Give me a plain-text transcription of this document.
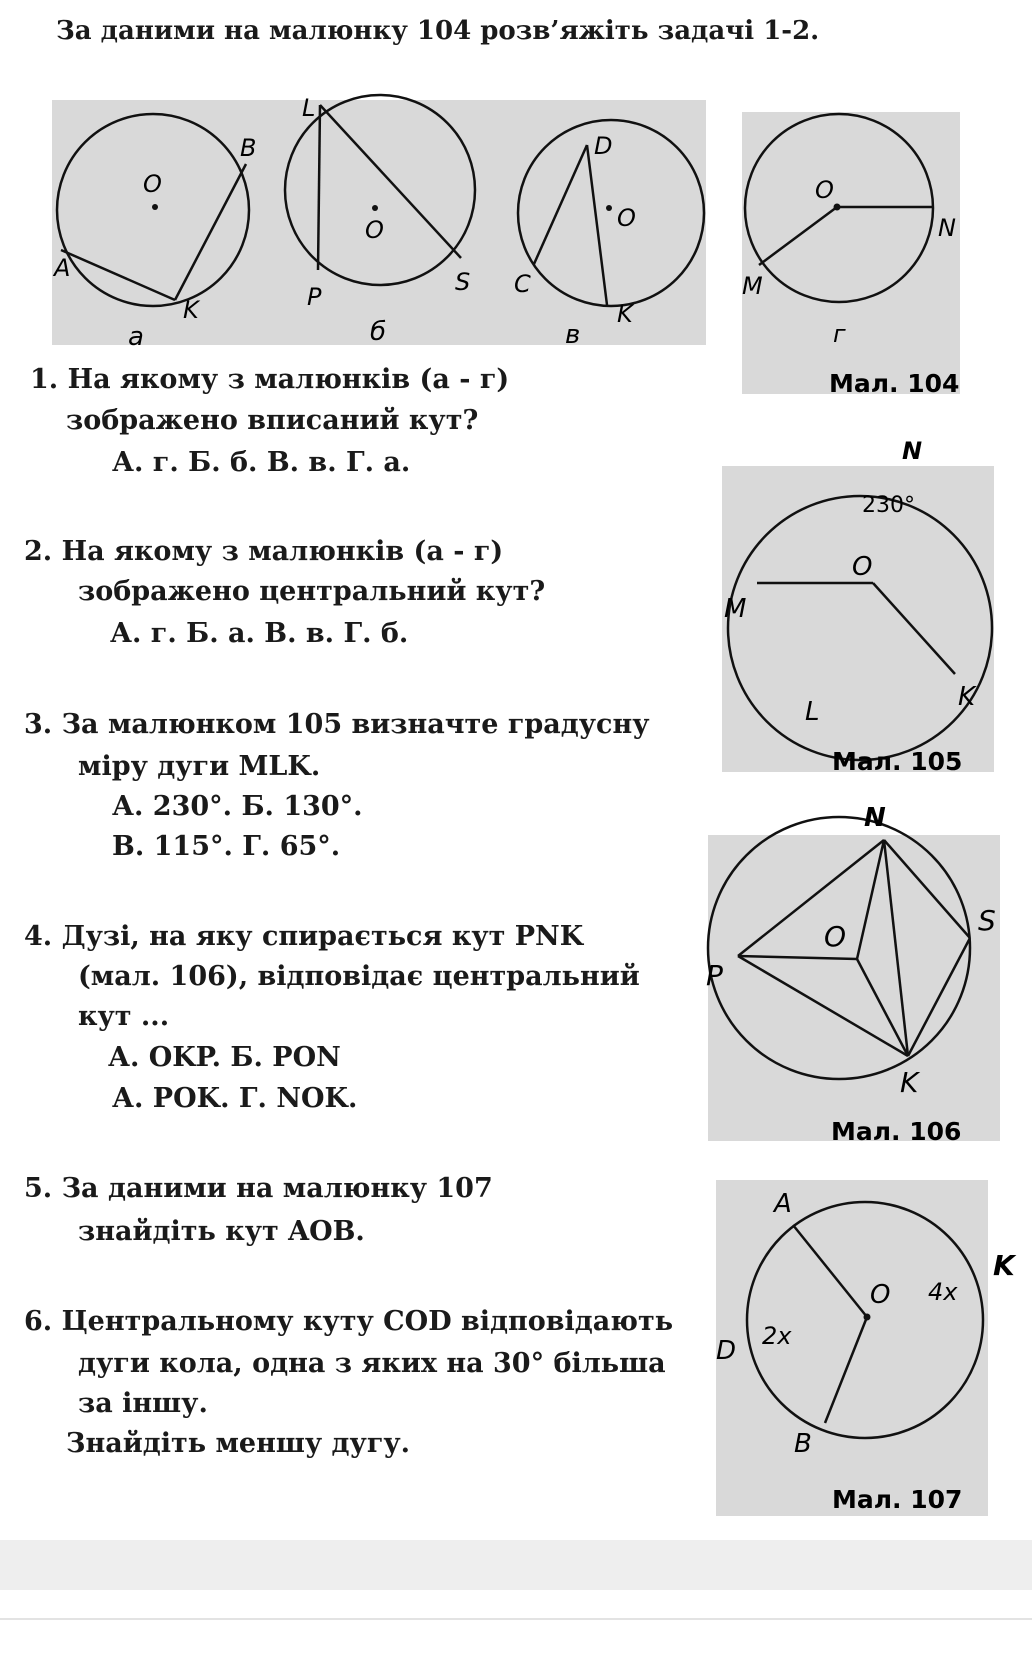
За даними на малюнку 104 розв’яжіть задачі 1-2.
O
B
A
K
а
L
O
P
S
б
D
O
C
K
в
O
N
M
г
Мал. 104
N
230°
O
M
K
L
Мал. 105
N
O	S
P
K
Мал. 106
A
O 4x
K
D 2x
B
Мал. 107
1. На якому з малюнків (а - г)
зображено вписаний кут?
А. г. Б. б. В. в. Г. а.
2. На якому з малюнків (а - г)
зображено центральний кут?
А. г. Б. а. В. в. Г. б.
3. За малюнком 105 визначте градусну
міру дуги MLK.
А. 230°. Б. 130°.
В. 115°. Г. 65°.
4. Дузі, на яку спирається кут PNK
(мал. 106), відповідає центральний
кут ...
А. OKP. Б. PON
А. POK. Г. NOK.
5. За даними на малюнку 107
знайдіть кут AOB.
6. Центральному куту COD відповідають
дуги кола, одна з яких на 30° більша
за іншу.
Знайдіть меншу дугу.
